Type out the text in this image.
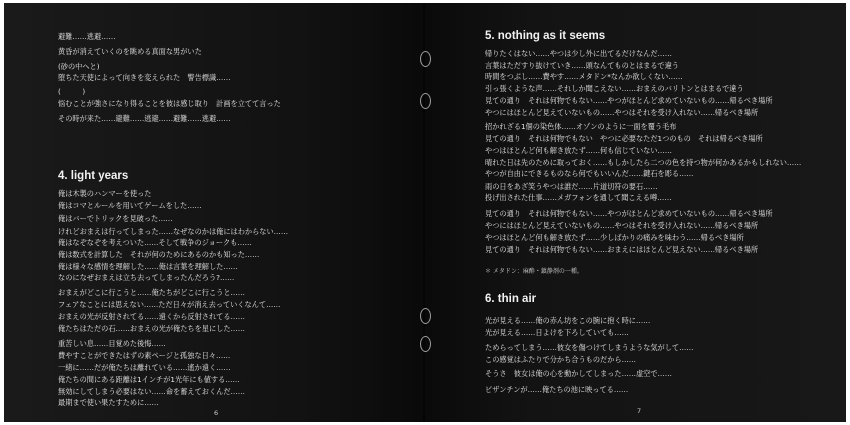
避難……逃避……
黄昏が消えていくのを眺める真面な男がいた
(砂の中へと)
堕ちた天使によって向きを変えられた　警告標識……
(　　　)
悩むことが強さになり得ることを彼は感じ取り　計画を立てて言った
その時が来た……避難……逃避……避難……逃避……
4. light years
俺は木製のハンマーを使った
俺はコマとルールを用いてゲームをした……
俺はバーでトリックを見破った……
けれどおまえは行ってしまった……なぜなのかは俺にはわからない……
俺はなぞなぞを考えついた……そして戦争のジョークも……
俺は数式を計算した　それが何のためにあるのかも知った……
俺は様々な感情を理解した……俺は言葉を理解した……
なのになぜおまえは立ち去ってしまったんだろう?……
おまえがどこに行こうと……俺たちがどこに行こうと……
フェアなことには思えない……ただ日々が消え去っていくなんて……
おまえの光が反射されてる……遠くから反射されてる……
俺たちはただの石……おまえの光が俺たちを星にした……
重苦しい息……目覚めた後悔……
費やすことができたはずの素ページと孤独な日々……
一緒に……だが俺たちは離れている……遙か遠く……
俺たちの間にある距離は1インチが1光年にも値する……
無効にしてしまう必要はない……命を蓄えておくんだ……
最期まで使い果たすために……
6
5. nothing as it seems
帰りたくはない……やつは少し外に出てるだけなんだ……
言葉はただすり抜けていき……頭なんてものとはまるで違う
時間をつぶし……費やす……メタドン*なんか欲しくない……
引っ張くような声……それしか聞こえない……おまえのバリトンとはまるで違う
見ての通り　それは何物でもない……やつがほとんど求めていないもの……帰るべき場所
やつにはほとんど見えていないもの……やつはそれを受け入れない……帰るべき場所
招かれざる1個の染色体……オゾンのように一面を覆う毛布
見ての通り　それは何物でもない　やつに必要なただ1つのもの　それは帰るべき場所
やつはほとんど何も解き放たず……何も信じていない……
晴れた日は先のために取っておく……もしかしたら二つの色を持つ物が何かあるかもしれない……
やつが自由にできるものなら何でもいいんだ……鍵石を彫る……
雨の日をあざ笑うやつは誰だ……片道切符の要石……
投げ出された仕事……メガフォンを通して聞こえる噂……
見ての通り　それは何物でもない……やつがほとんど求めていないもの……帰るべき場所
やつにはほとんど見えていないもの……やつはそれを受け入れない……帰るべき場所
やつはほとんど何も解き放たず……少しばかりの痛みを味わう……帰るべき場所
見ての通り　それは何物でもない……おまえにはほとんど見えない……帰るべき場所
＊ メタドン：麻酔・鎮静剤の一種。
6. thin air
光が見える……俺の赤ん坊をこの腕に抱く時に……
光が見える……日よけを下ろしていても……
ためらってしまう……彼女を傷つけてしまうような気がして……
この感覚はふたりで分かち合うものだから……
そうさ　彼女は俺の心を動かしてしまった……虚空で……
ビザンチンが……俺たちの池に映ってる……
7
